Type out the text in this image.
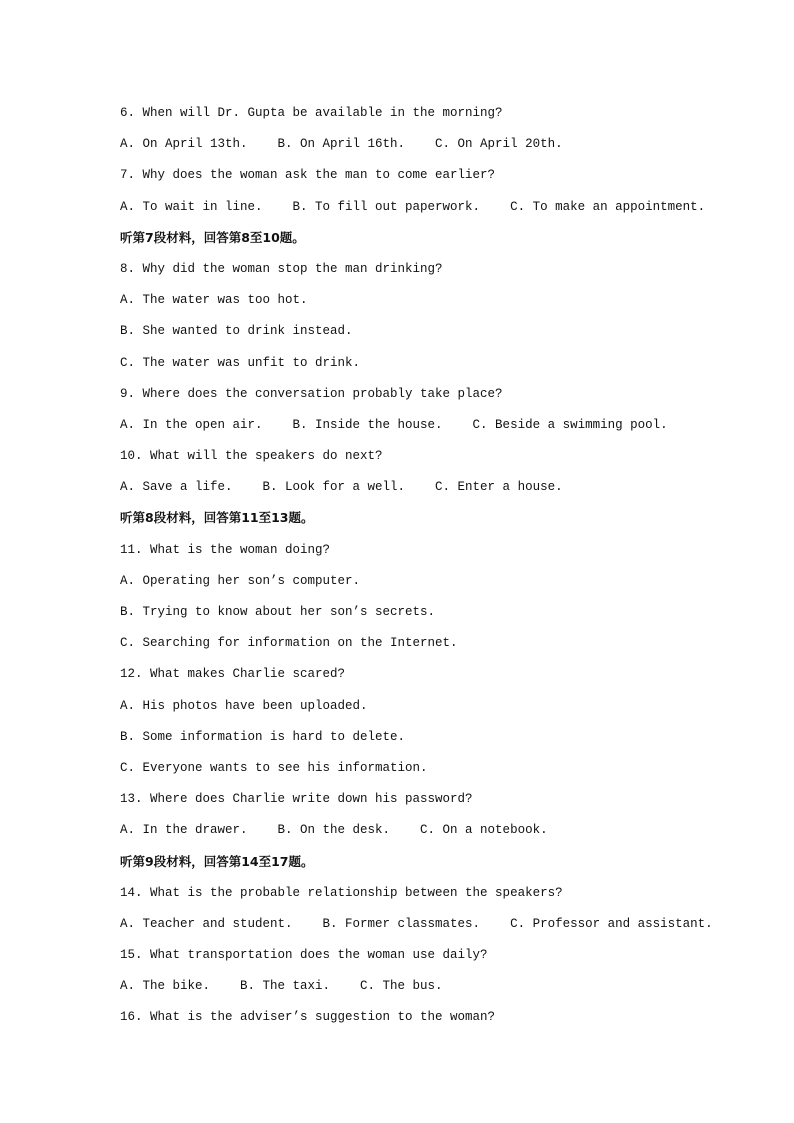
6. When will Dr. Gupta be available in the morning?
A. On April 13th.    B. On April 16th.    C. On April 20th.
7. Why does the woman ask the man to come earlier?
A. To wait in line.    B. To fill out paperwork.    C. To make an appointment.
听第7段材料，回答第8至10题。
8. Why did the woman stop the man drinking?
A. The water was too hot.
B. She wanted to drink instead.
C. The water was unfit to drink.
9. Where does the conversation probably take place?
A. In the open air.    B. Inside the house.    C. Beside a swimming pool.
10. What will the speakers do next?
A. Save a life.    B. Look for a well.    C. Enter a house.
听第8段材料，回答第11至13题。
11. What is the woman doing?
A. Operating her son’s computer.
B. Trying to know about her son’s secrets.
C. Searching for information on the Internet.
12. What makes Charlie scared?
A. His photos have been uploaded.
B. Some information is hard to delete.
C. Everyone wants to see his information.
13. Where does Charlie write down his password?
A. In the drawer.    B. On the desk.    C. On a notebook.
听第9段材料，回答第14至17题。
14. What is the probable relationship between the speakers?
A. Teacher and student.    B. Former classmates.    C. Professor and assistant.
15. What transportation does the woman use daily?
A. The bike.    B. The taxi.    C. The bus.
16. What is the adviser’s suggestion to the woman?
